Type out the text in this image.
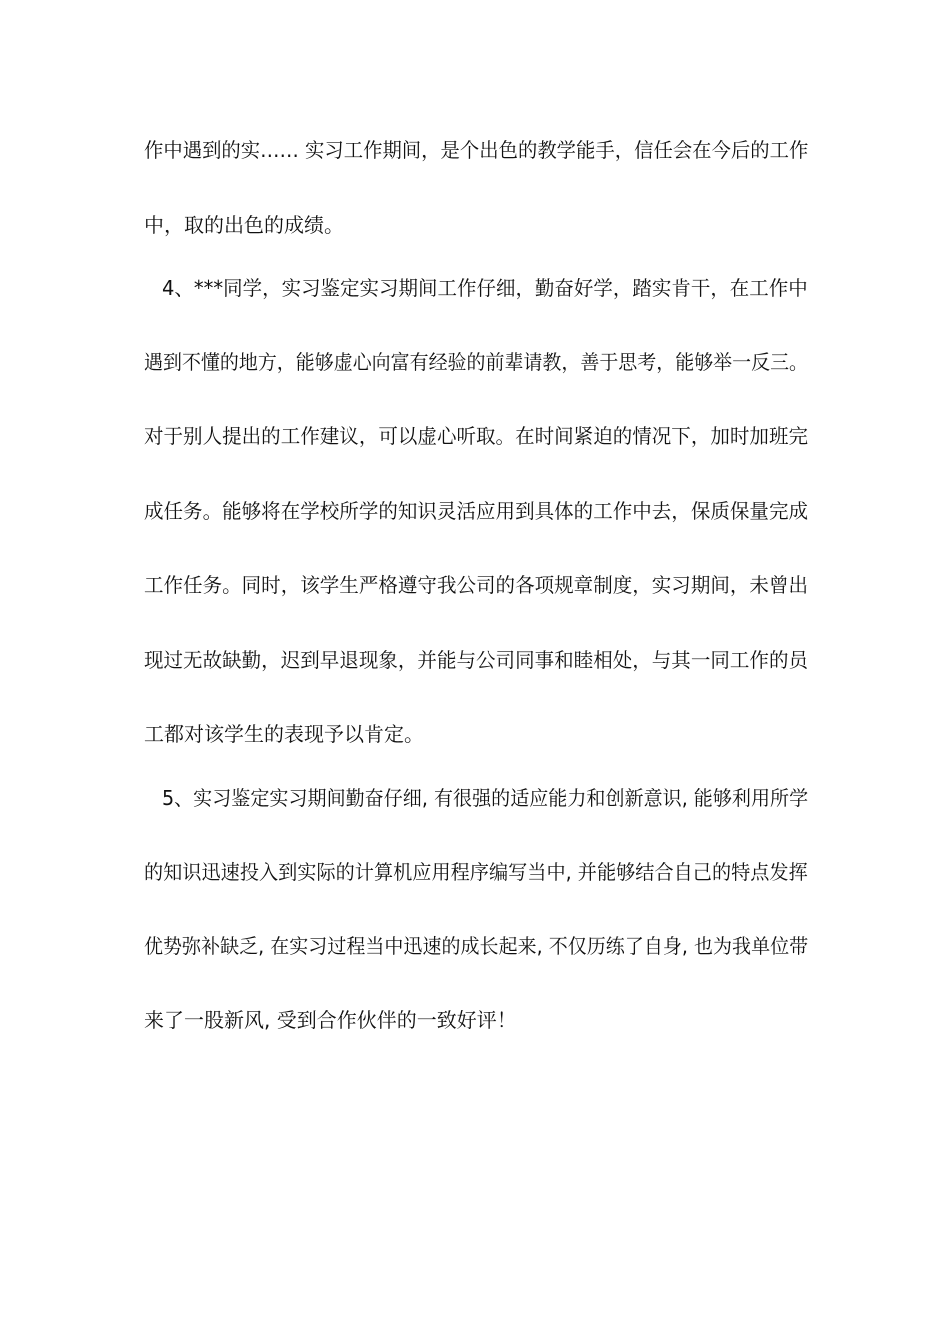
作中遇到的实…… 实习工作期间，是个出色的教学能手，信任会在今后的工作
中，取的出色的成绩。
4、***同学，实习鉴定实习期间工作仔细，勤奋好学，踏实肯干，在工作中
遇到不懂的地方，能够虚心向富有经验的前辈请教，善于思考，能够举一反三。
对于别人提出的工作建议，可以虚心听取。在时间紧迫的情况下，加时加班完
成任务。能够将在学校所学的知识灵活应用到具体的工作中去，保质保量完成
工作任务。同时，该学生严格遵守我公司的各项规章制度，实习期间，未曾出
现过无故缺勤，迟到早退现象，并能与公司同事和睦相处，与其一同工作的员
工都对该学生的表现予以肯定。
5、实习鉴定实习期间勤奋仔细, 有很强的适应能力和创新意识, 能够利用所学
的知识迅速投入到实际的计算机应用程序编写当中, 并能够结合自己的特点发挥
优势弥补缺乏, 在实习过程当中迅速的成长起来, 不仅历练了自身, 也为我单位带
来了一股新风, 受到合作伙伴的一致好评！
